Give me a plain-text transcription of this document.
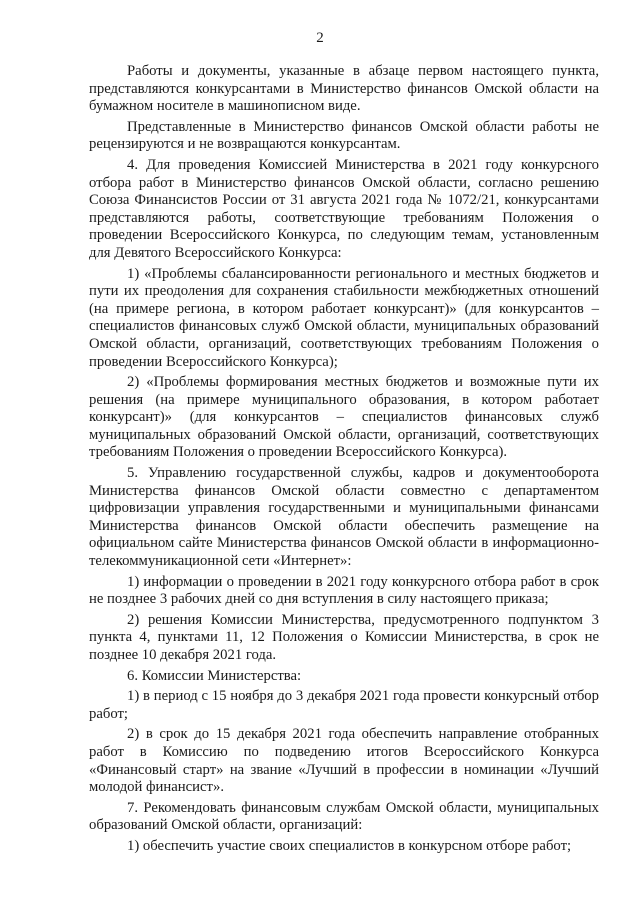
2

Работы и документы, указанные в абзаце первом настоящего пункта, представляются конкурсантами в Министерство финансов Омской области на бумажном носителе в машинописном виде.

Представленные в Министерство финансов Омской области работы не рецензируются и не возвращаются конкурсантам.

4. Для проведения Комиссией Министерства в 2021 году конкурсного отбора работ в Министерство финансов Омской области, согласно решению Союза Финансистов России от 31 августа 2021 года № 1072/21, конкурсантами представляются работы, соответствующие требованиям Положения о проведении Всероссийского Конкурса, по следующим темам, установленным для Девятого Всероссийского Конкурса:

1) «Проблемы сбалансированности регионального и местных бюджетов и пути их преодоления для сохранения стабильности межбюджетных отношений (на примере региона, в котором работает конкурсант)» (для конкурсантов – специалистов финансовых служб Омской области, муниципальных образований Омской области, организаций, соответствующих требованиям Положения о проведении Всероссийского Конкурса);

2) «Проблемы формирования местных бюджетов и возможные пути их решения (на примере муниципального образования, в котором работает конкурсант)» (для конкурсантов – специалистов финансовых служб муниципальных образований Омской области, организаций, соответствующих требованиям Положения о проведении Всероссийского Конкурса).

5. Управлению государственной службы, кадров и документооборота Министерства финансов Омской области совместно с департаментом цифровизации управления государственными и муниципальными финансами Министерства финансов Омской области обеспечить размещение на официальном сайте Министерства финансов Омской области в информационно-телекоммуникационной сети «Интернет»:

1) информации о проведении в 2021 году конкурсного отбора работ в срок не позднее 3 рабочих дней со дня вступления в силу настоящего приказа;

2) решения Комиссии Министерства, предусмотренного подпунктом 3 пункта 4, пунктами 11, 12 Положения о Комиссии Министерства, в срок не позднее 10 декабря 2021 года.

6. Комиссии Министерства:

1) в период с 15 ноября до 3 декабря 2021 года провести конкурсный отбор работ;

2) в срок до 15 декабря 2021 года обеспечить направление отобранных работ в Комиссию по подведению итогов Всероссийского Конкурса «Финансовый старт» на звание «Лучший в профессии в номинации «Лучший молодой финансист».

7. Рекомендовать финансовым службам Омской области, муниципальных образований Омской области, организаций:

1) обеспечить участие своих специалистов в конкурсном отборе работ;
